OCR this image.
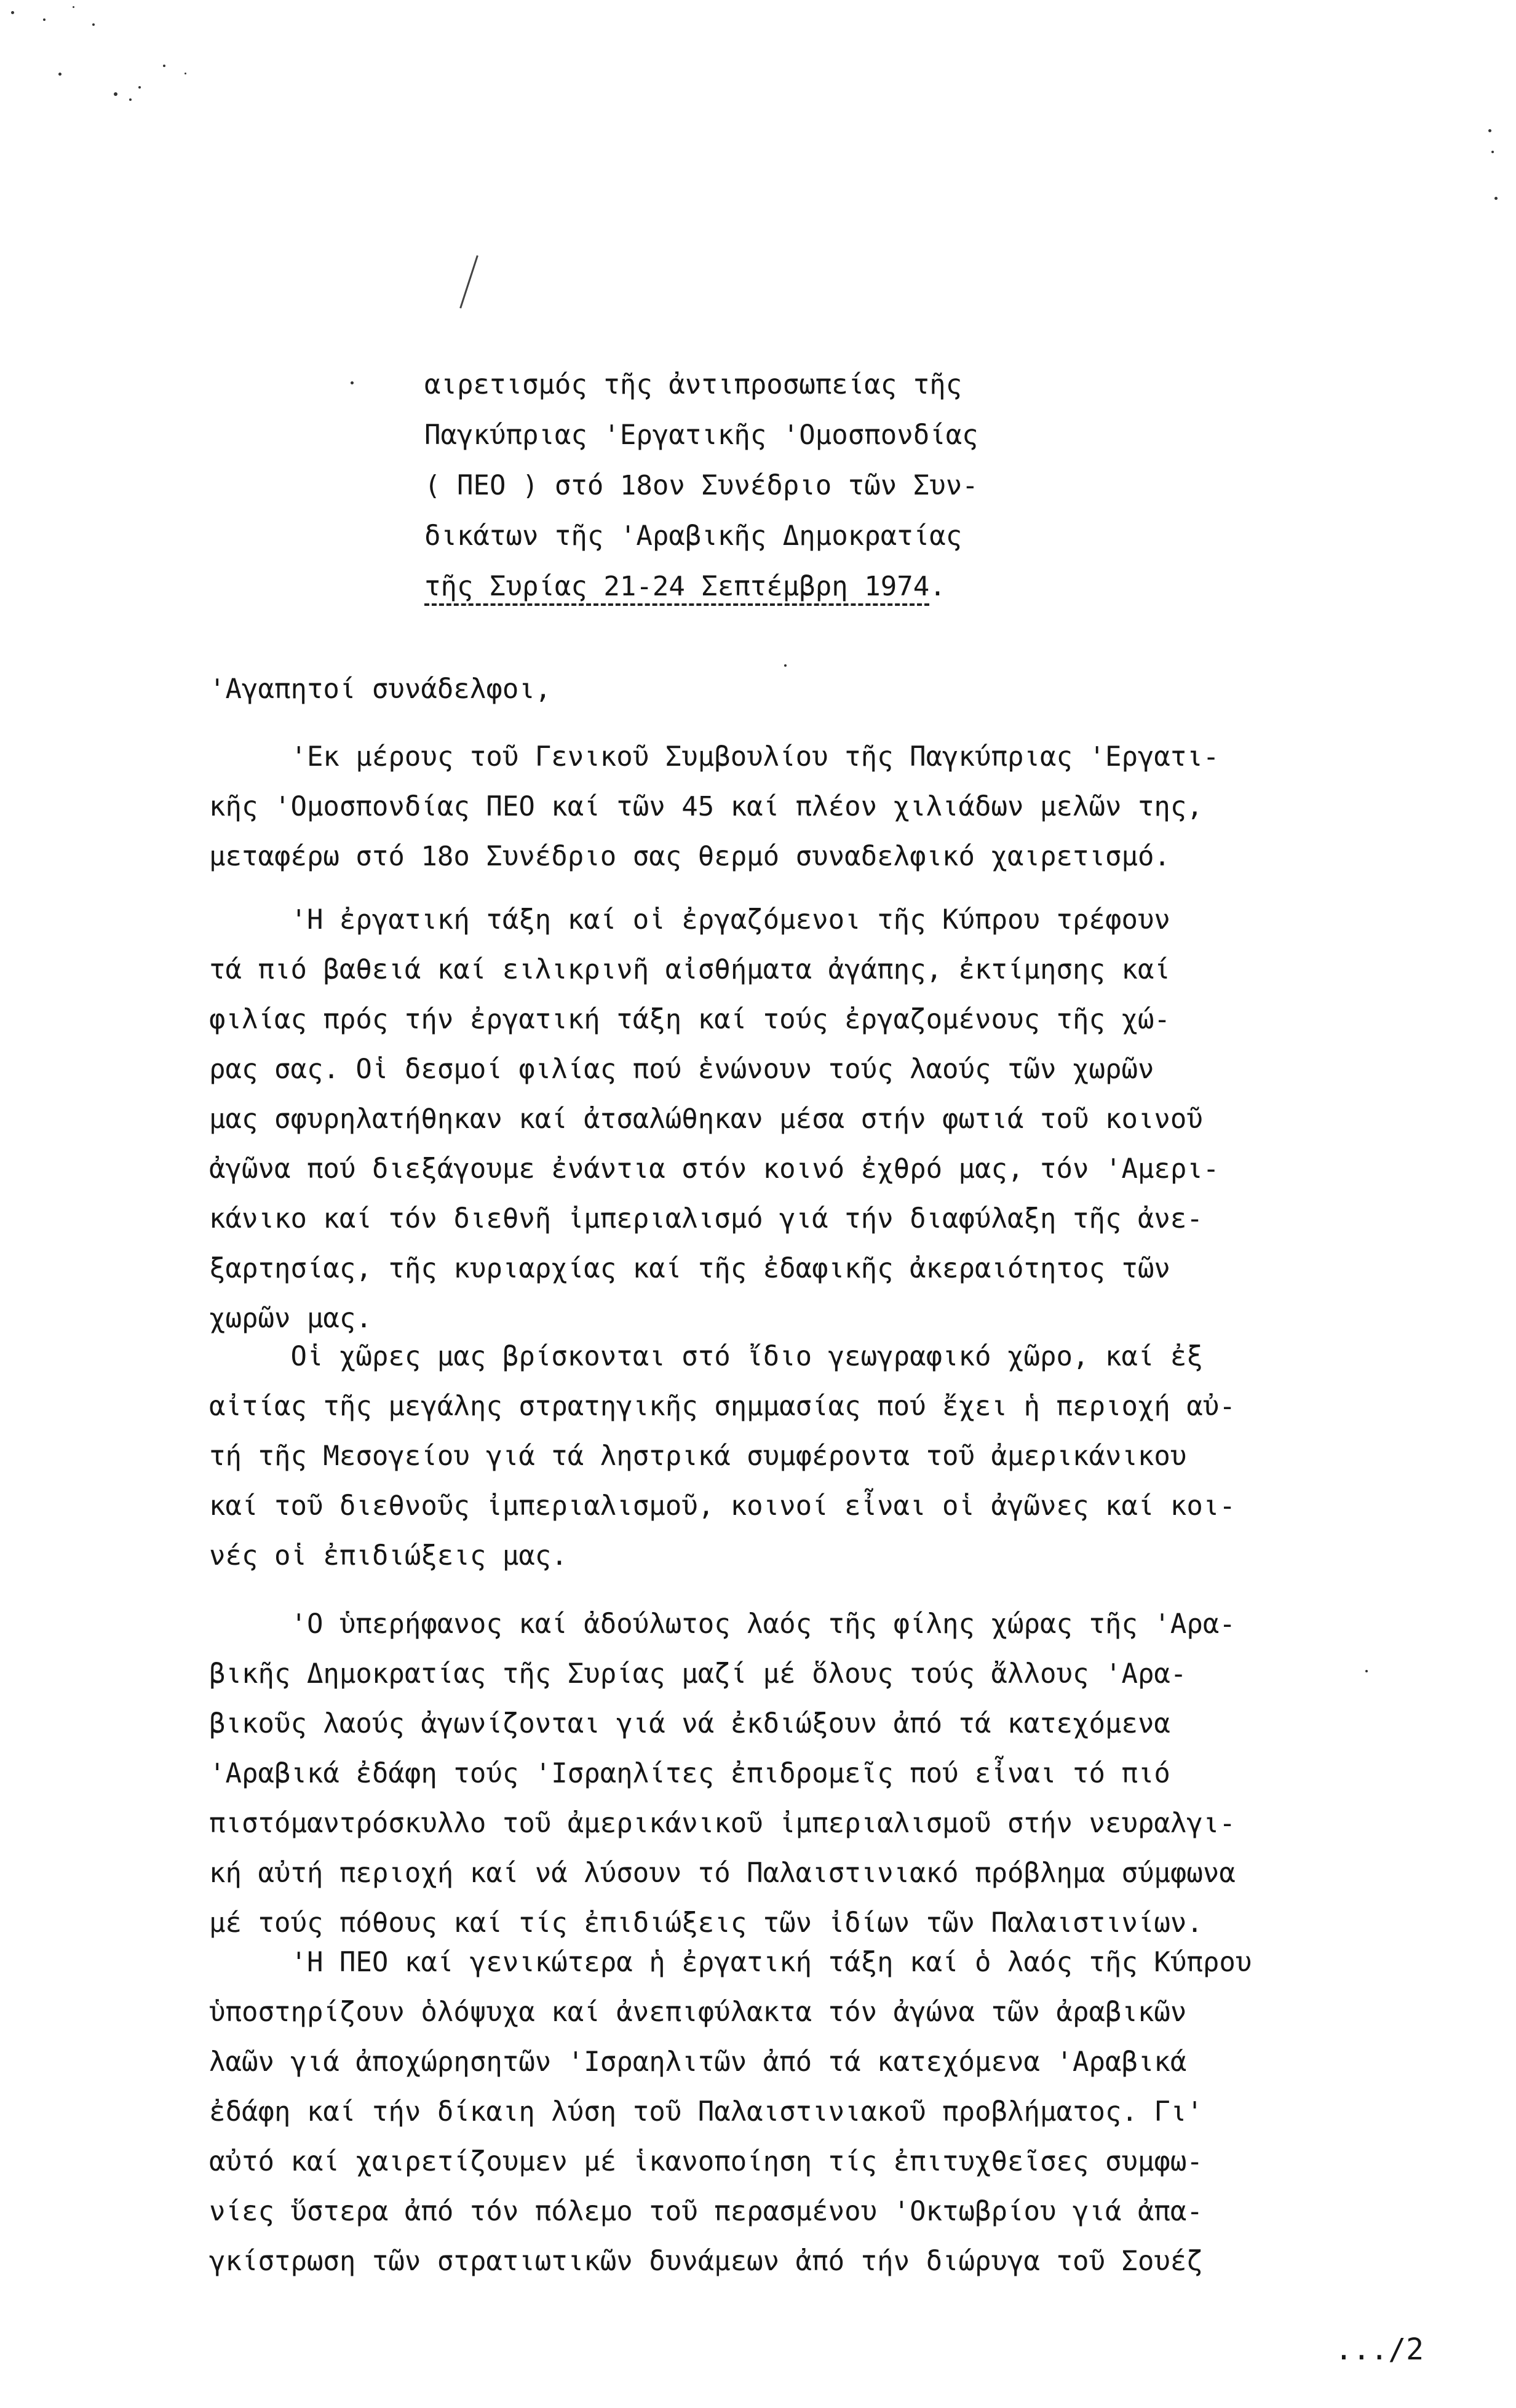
αιρετισμός τῆς ἀντιπροσωπείας τῆς
Παγκύπριας 'Εργατικῆς 'Ομοσπονδίας
( ΠΕΟ ) στό 18ον Συνέδριο τῶν Συν-
δικάτων τῆς 'Αραβικῆς Δημοκρατίας
τῆς Συρίας 21-24 Σεπτέμβρη 1974.
'Αγαπητοί συνάδελφοι,
'Εκ μέρους τοῦ Γενικοῦ Συμβουλίου τῆς Παγκύπριας 'Εργατι-
κῆς 'Ομοσπονδίας ΠΕΟ καί τῶν 45 καί πλέον χιλιάδων μελῶν της,
μεταφέρω στό 18ο Συνέδριο σας θερμό συναδελφικό χαιρετισμό.
'Η ἐργατική τάξη καί οἱ ἐργαζόμενοι τῆς Κύπρου τρέφουν
τά πιό βαθειά καί ειλικρινῆ αἰσθήματα ἀγάπης, ἐκτίμησης καί
φιλίας πρός τήν ἐργατική τάξη καί τούς ἐργαζομένους τῆς χώ-
ρας σας. Οἱ δεσμοί φιλίας πού ἑνώνουν τούς λαούς τῶν χωρῶν
μας σφυρηλατήθηκαν καί ἀτσαλώθηκαν μέσα στήν φωτιά τοῦ κοινοῦ
ἀγῶνα πού διεξάγουμε ἐνάντια στόν κοινό ἐχθρό μας, τόν 'Αμερι-
κάνικο καί τόν διεθνῆ ἰμπεριαλισμό γιά τήν διαφύλαξη τῆς ἀνε-
ξαρτησίας, τῆς κυριαρχίας καί τῆς ἐδαφικῆς ἀκεραιότητος τῶν
χωρῶν μας.
Οἱ χῶρες μας βρίσκονται στό ἴδιο γεωγραφικό χῶρο, καί ἐξ
αἰτίας τῆς μεγάλης στρατηγικῆς σημμασίας πού ἔχει ἡ περιοχή αὐ-
τή τῆς Μεσογείου γιά τά ληστρικά συμφέροντα τοῦ ἀμερικάνικου
καί τοῦ διεθνοῦς ἰμπεριαλισμοῦ, κοινοί εἶναι οἱ ἀγῶνες καί κοι-
νές οἱ ἐπιδιώξεις μας.
'Ο ὑπερήφανος καί ἀδούλωτος λαός τῆς φίλης χώρας τῆς 'Αρα-
βικῆς Δημοκρατίας τῆς Συρίας μαζί μέ ὅλους τούς ἄλλους 'Αρα-
βικοῦς λαούς ἀγωνίζονται γιά νά ἐκδιώξουν ἀπό τά κατεχόμενα
'Αραβικά ἐδάφη τούς 'Ισραηλίτες ἐπιδρομεῖς πού εἶναι τό πιό
πιστόμαντρόσκυλλο τοῦ ἀμερικάνικοῦ ἰμπεριαλισμοῦ στήν νευραλγι-
κή αὐτή περιοχή καί νά λύσουν τό Παλαιστινιακό πρόβλημα σύμφωνα
μέ τούς πόθους καί τίς ἐπιδιώξεις τῶν ἰδίων τῶν Παλαιστινίων.
'Η ΠΕΟ καί γενικώτερα ἡ ἐργατική τάξη καί ὁ λαός τῆς Κύπρου
ὑποστηρίζουν ὁλόψυχα καί ἀνεπιφύλακτα τόν ἀγώνα τῶν ἀραβικῶν
λαῶν γιά ἀποχώρησητῶν 'Ισραηλιτῶν ἀπό τά κατεχόμενα 'Αραβικά
ἐδάφη καί τήν δίκαιη λύση τοῦ Παλαιστινιακοῦ προβλήματος. Γι'
αὐτό καί χαιρετίζουμεν μέ ἱκανοποίηση τίς ἐπιτυχθεῖσες συμφω-
νίες ὕστερα ἀπό τόν πόλεμο τοῦ περασμένου 'Οκτωβρίου γιά ἀπα-
γκίστρωση τῶν στρατιωτικῶν δυνάμεων ἀπό τήν διώρυγα τοῦ Σουέζ
.../2
